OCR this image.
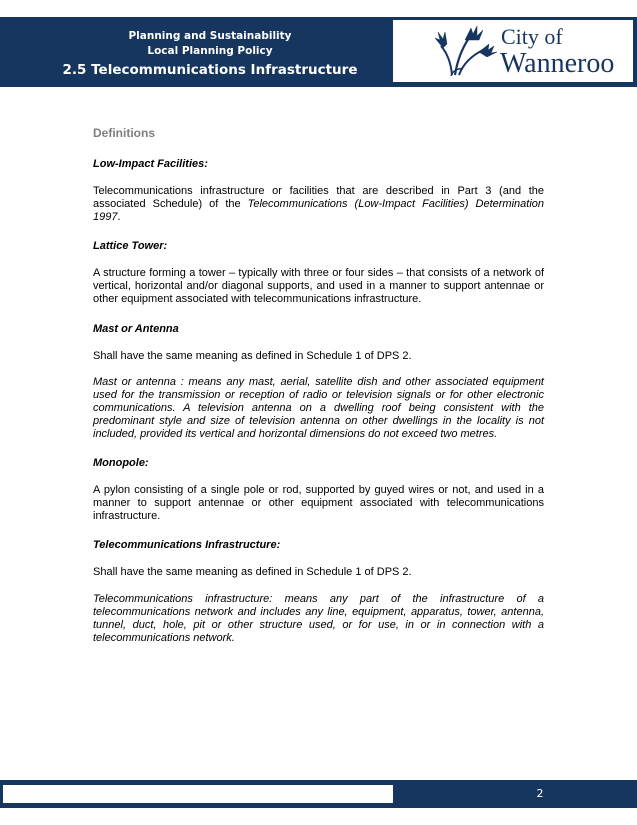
Planning and Sustainability
Local Planning Policy
2.5 Telecommunications Infrastructure
City of
Wanneroo
Definitions
Low-Impact Facilities:
Telecommunications infrastructure or facilities that are described in Part 3 (and the associated Schedule) of the Telecommunications (Low-Impact Facilities) Determination 1997.
Lattice Tower:
A structure forming a tower – typically with three or four sides – that consists of a network of vertical, horizontal and/or diagonal supports, and used in a manner to support antennae or other equipment associated with telecommunications infrastructure.
Mast or Antenna
Shall have the same meaning as defined in Schedule 1 of DPS 2.
Mast or antenna : means any mast, aerial, satellite dish and other associated equipment used for the transmission or reception of radio or television signals or for other electronic communications. A television antenna on a dwelling roof being consistent with the predominant style and size of television antenna on other dwellings in the locality is not included, provided its vertical and horizontal dimensions do not exceed two metres.
Monopole:
A pylon consisting of a single pole or rod, supported by guyed wires or not, and used in a manner to support antennae or other equipment associated with telecommunications infrastructure.
Telecommunications Infrastructure:
Shall have the same meaning as defined in Schedule 1 of DPS 2.
Telecommunications infrastructure: means any part of the infrastructure of a telecommunications network and includes any line, equipment, apparatus, tower, antenna, tunnel, duct, hole, pit or other structure used, or for use, in or in connection with a telecommunications network.
2
